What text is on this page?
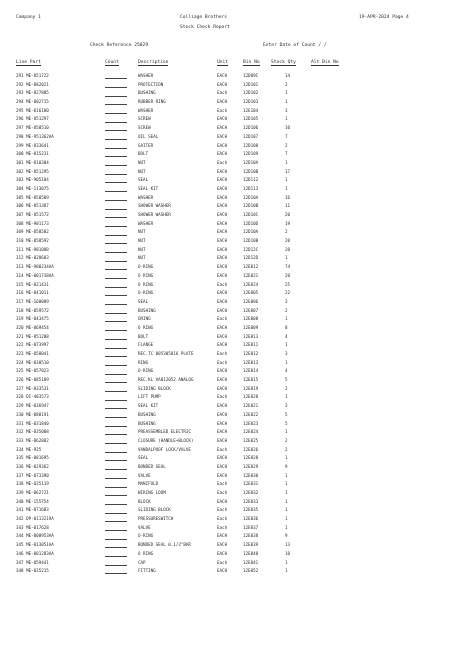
Company 1	Colliage Brothers	19-APR-2024 Page 4
Stock Check Report
Check Reference 25029	Enter Date of Count / /
Line Part	Count	Description	Unit	Bin No Stock Qty	Alt Bin No
291 ME-851722	WASHER	EACH	12D09C	14
292 ME-882021	PROTECTION	EACH	12D101	2
293 ME-827885	BUSHING	Each	12D102	1
294 ME-802715	RUBBER RING	EACH	12D103	1
295 ME-816180	WASHER	Each	12E104	3
296 ME-851297	SCREW	EACH	12D105	1
297 ME-850510	SCREW	EACH	12D106	10
298 ME-951362AA	OIL SEAL	EACH	12D107	7
299 ME-833641	GAITER	EACH	12D108	2
300 ME-815231	BOLT	EACH	12D109	7
301 ME-810304	NUT	Each	12D10A	1
302 ME-851295	NUT	EACH	12D10B	17
303 ME-905104	SEAL	EACH	12D112	1
304 ME-113075	SEAL KIT	EACH	12D113	1
305 ME-850589	WASHER	EACH	12D10A	16
306 ME-851387	SHOWER WASHER	EACH	12D10B	11
307 ME-851572	SHOWER WASHER	EACH	12D10C	20
308 ME-901173	WASHER	EACH	12D10D	19
309 ME-850502	NUT	EACH	12D10A	2
310 ME-850592	NUT	EACH	12D10B	20
311 ME-901088	NUT	EACH	12D12C	20
312 ME-028603	NUT	EACH	12D12D	1
313 ME-900234AA	O-RING	EACH	12E012	74
314 ME-001738AA	O RING	EACH	12E021	20
315 ME-021431	O RING	Each	12E024	25
316 ME-041011	O-RING	EACH	12E005	22
317 ME-160089	SEAL	EACH	12E006	3
318 ME-059572	BUSHING	EACH	12E007	2
319 ME-043475	ORING	Each	12E008	1
320 ME-069454	O RING	EACH	12E009	8
321 ME-851208	BOLT	EACH	12E013	4
322 ME-073997	FLANGE	EACH	12E011	1
323 ME-050041	REC.TC 005305016 PLATE	Each	12E012	3
324 ME-030510	RING	Each	12E013	1
325 ME-057823	O-RING	EACH	12E014	4
326 ME-085189	REC.KL VA812052 ANALOG	EACH	12E015	5
327 ME-033531	SLIDING BLOCK	EACH	12E019	2
328 DI-483573	LIFT PUMP	Each	12E020	1
329 ME-036947	SEAL KIT	EACH	12E021	3
330 ME-088191	BUSHING	EACH	12E022	5
331 ME-031840	BUSHING	EACH	12E023	5
332 ME-035088	PREASSEMBLED ELECTRIC	EACH	12E024	1
333 ME-062082	CLOSURE (HANDLE+BLOCK)	EACH	12E025	2
334 ME-925	VANDALPOOF LOCK/VALVE	Each	12E026	2
335 ME-081695	SEAL	EACH	12E028	1
336 ME-029362	BONDED SEAL	EACH	12E029	9
337 ME-073390	VALVE	EACH	12E030	1
338 ME-035119	MANIFOLD	Each	12E031	1
339 ME-062721	WIRING LOOM	Each	12E032	1
340 ME-155754	BLOCK	EACH	12E033	1
341 ME-071683	SLIDING BLOCK	Each	12E035	1
342 DP-0113219A	PRESSURESWITCH	Each	12E036	1
343 ME-017628	VALVE	Each	12E037	1
344 ME-000953AA	O-RING	EACH	12E038	9
345 ME-013051AA	BONDED SEAL 0.1/2"BAR	EACH	12E039	13
346 ME-001283AA	O RING	EACH	12E040	10
347 ME-059441	CAP	Each	12E041	1
348 ME-035215	FITTING	EACH	12E052	1
